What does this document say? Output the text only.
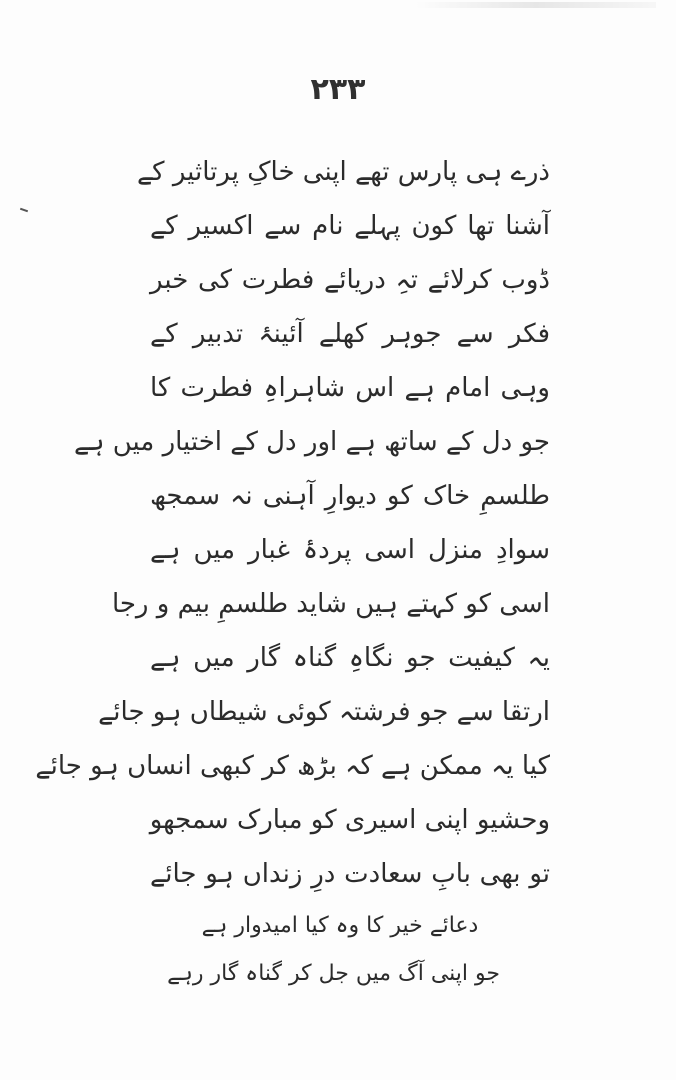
۲۳۳
ذرے ہی پارس تھے اپنی خاکِ پرتاثیر کے
آشنا تھا کون پہلے نام سے اکسیر کے
ڈوب کرلائے تہِ دریائے فطرت کی خبر
فکر سے جوہر کھلے آئینۂ تدبیر کے
وہی امام ہے اس شاہراہِ فطرت کا
جو دل کے ساتھ ہے اور دل کے اختیار میں ہے
طلسمِ خاک کو دیوارِ آہنی نہ سمجھ
سوادِ منزل اسی پردۂ غبار میں ہے
اسی کو کہتے ہیں شاید طلسمِ بیم و رجا
یہ کیفیت جو نگاہِ گناہ گار میں ہے
ارتقا سے جو فرشتہ کوئی شیطاں ہو جائے
کیا یہ ممکن ہے کہ بڑھ کر کبھی انساں ہو جائے
وحشیو اپنی اسیری کو مبارک سمجھو
تو بھی بابِ سعادت درِ زنداں ہو جائے
دعائے خیر کا وہ کیا امیدوار ہے
جو اپنی آگ میں جل کر گناہ گار رہے
